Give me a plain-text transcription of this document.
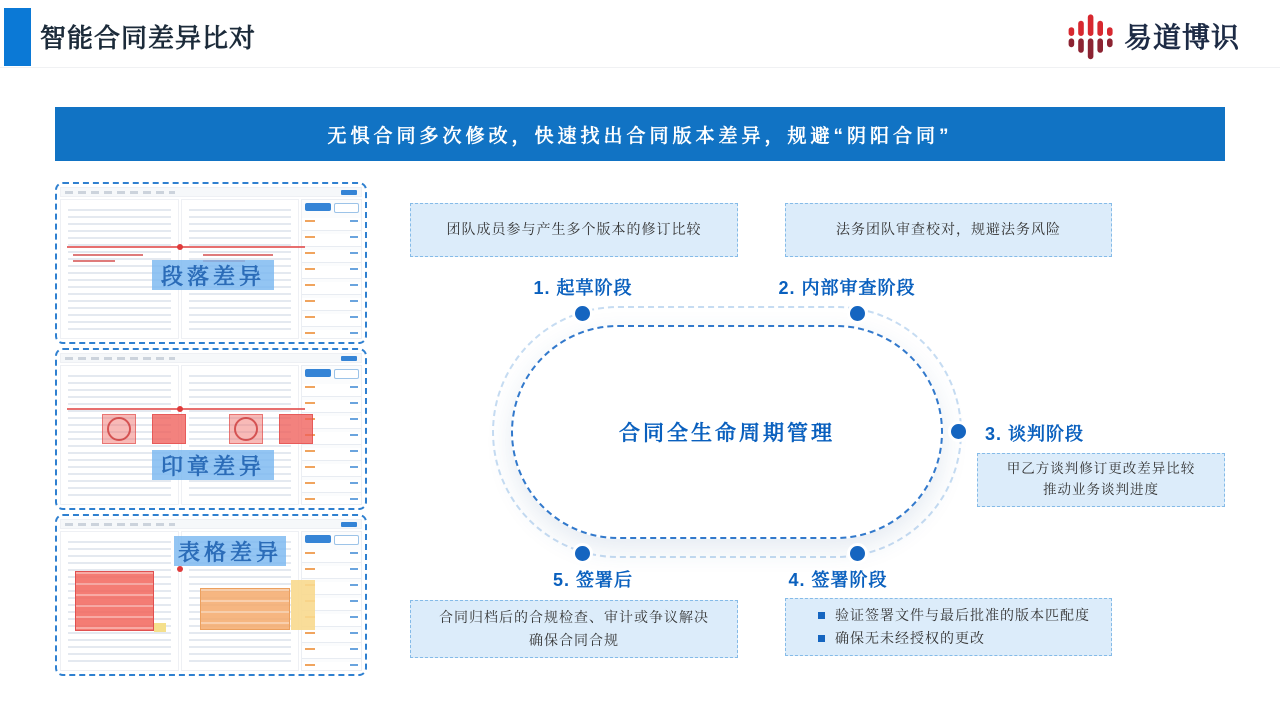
智能合同差异比对	易道博识
无惧合同多次修改，快速找出合同版本差异，规避“阴阳合同”
段落差异
印章差异
表格差异
团队成员参与产生多个版本的修订比较	法务团队审查校对，规避法务风险
1. 起草阶段	2. 内部审查阶段
合同全生命周期管理	3. 谈判阶段
甲乙方谈判修订更改差异比较
推动业务谈判进度
5. 签署后
合同归档后的合规检查、审计或争议解决
确保合同合规
4. 签署阶段
验证签署文件与最后批准的版本匹配度
确保无未经授权的更改
